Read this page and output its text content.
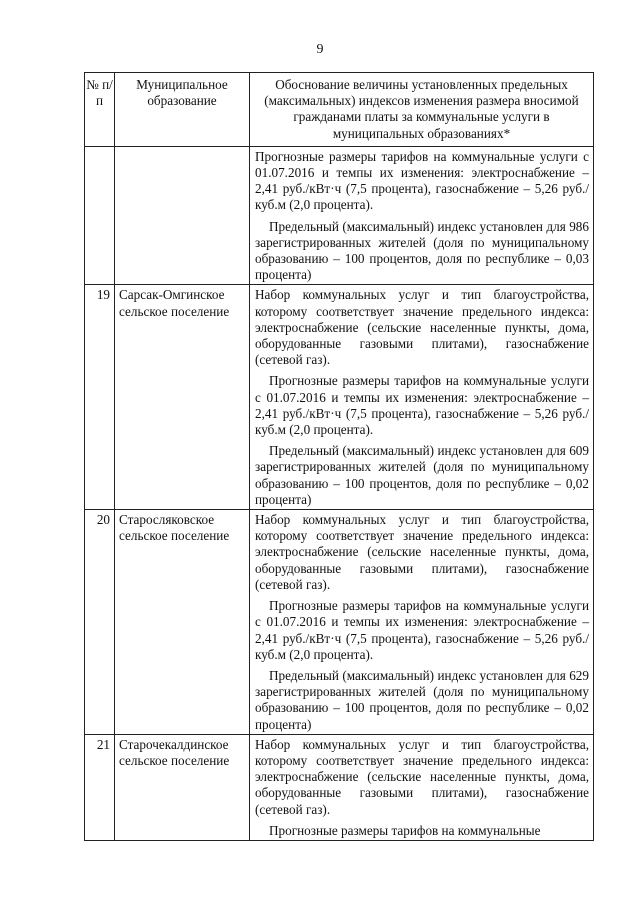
9
№ п/п	Муниципальное образование	Обоснование величины установленных предельных (максимальных) индексов изменения размера вносимой гражданами платы за коммунальные услуги в муниципальных образованиях*

		Прогнозные размеры тарифов на коммунальные услуги с 01.07.2016 и темпы их изменения: электроснабжение – 2,41 руб./кВт·ч (7,5 процента), газоснабжение – 5,26 руб./куб.м (2,0 процента).
Предельный (максимальный) индекс установлен для 986 зарегистрированных жителей (доля по муниципальному образованию – 100 процентов, доля по республике – 0,03 процента)

19	Сарсак-Омгинское сельское поселение	Набор коммунальных услуг и тип благоустройства, которому соответствует значение предельного индекса: электроснабжение (сельские населенные пункты, дома, оборудованные газовыми плитами), газоснабжение (сетевой газ).
Прогнозные размеры тарифов на коммунальные услуги с 01.07.2016 и темпы их изменения: электроснабжение – 2,41 руб./кВт·ч (7,5 процента), газоснабжение – 5,26 руб./куб.м (2,0 процента).
Предельный (максимальный) индекс установлен для 609 зарегистрированных жителей (доля по муниципальному образованию – 100 процентов, доля по республике – 0,02 процента)

20	Старосляковское сельское поселение	Набор коммунальных услуг и тип благоустройства, которому соответствует значение предельного индекса: электроснабжение (сельские населенные пункты, дома, оборудованные газовыми плитами), газоснабжение (сетевой газ).
Прогнозные размеры тарифов на коммунальные услуги с 01.07.2016 и темпы их изменения: электроснабжение – 2,41 руб./кВт·ч (7,5 процента), газоснабжение – 5,26 руб./куб.м (2,0 процента).
Предельный (максимальный) индекс установлен для 629 зарегистрированных жителей (доля по муниципальному образованию – 100 процентов, доля по республике – 0,02 процента)

21	Старочекалдинское сельское поселение	Набор коммунальных услуг и тип благоустройства, которому соответствует значение предельного индекса: электроснабжение (сельские населенные пункты, дома, оборудованные газовыми плитами), газоснабжение (сетевой газ).
Прогнозные размеры тарифов на коммунальные
